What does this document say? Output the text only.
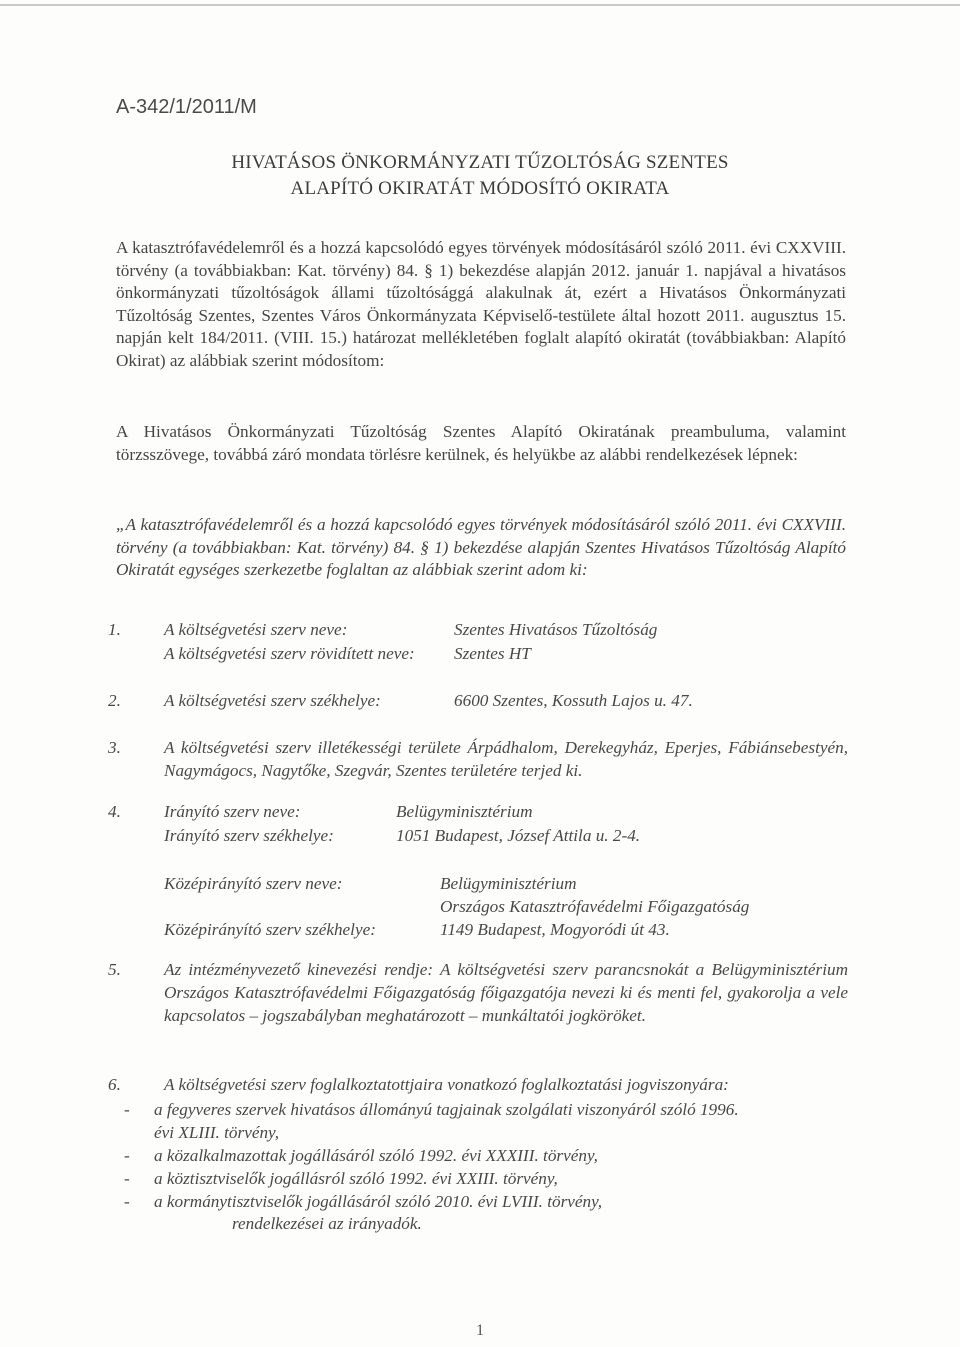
A-342/1/2011/M
HIVATÁSOS ÖNKORMÁNYZATI TŰZOLTÓSÁG SZENTES
ALAPÍTÓ OKIRATÁT MÓDOSÍTÓ OKIRATA
A katasztrófavédelemről és a hozzá kapcsolódó egyes törvények módosításáról szóló 2011. évi CXXVIII. törvény (a továbbiakban: Kat. törvény) 84. § 1) bekezdése alapján 2012. január 1. napjával a hivatásos önkormányzati tűzoltóságok állami tűzoltósággá alakulnak át, ezért a Hivatásos Önkormányzati Tűzoltóság Szentes, Szentes Város Önkormányzata Képviselő-testülete által hozott 2011. augusztus 15. napján kelt 184/2011. (VIII. 15.) határozat mellékletében foglalt alapító okiratát (továbbiakban: Alapító Okirat) az alábbiak szerint módosítom:
A Hivatásos Önkormányzati Tűzoltóság Szentes Alapító Okiratának preambuluma, valamint törzsszövege, továbbá záró mondata törlésre kerülnek, és helyükbe az alábbi rendelkezések lépnek:
„A katasztrófavédelemről és a hozzá kapcsolódó egyes törvények módosításáról szóló 2011. évi CXXVIII. törvény (a továbbiakban: Kat. törvény) 84. § 1) bekezdése alapján Szentes Hivatásos Tűzoltóság Alapító Okiratát egységes szerkezetbe foglaltan az alábbiak szerint adom ki:
1.	A költségvetési szerv neve:	Szentes Hivatásos Tűzoltóság
A költségvetési szerv rövidített neve: Szentes HT
2.	A költségvetési szerv székhelye:	6600 Szentes, Kossuth Lajos u. 47.
3.	A költségvetési szerv illetékességi területe Árpádhalom, Derekegyház, Eperjes, Fábiánsebestyén, Nagymágocs, Nagytőke, Szegvár, Szentes területére terjed ki.
4.	Irányító szerv neve:	Belügyminisztérium
Irányító szerv székhelye:	1051 Budapest, József Attila u. 2-4.
Középirányító szerv neve:	Belügyminisztérium
Országos Katasztrófavédelmi Főigazgatóság
Középirányító szerv székhelye:	1149 Budapest, Mogyoródi út 43.
5.	Az intézményvezető kinevezési rendje: A költségvetési szerv parancsnokát a Belügyminisztérium Országos Katasztrófavédelmi Főigazgatóság főigazgatója nevezi ki és menti fel, gyakorolja a vele kapcsolatos – jogszabályban meghatározott – munkáltatói jogköröket.
6.	A költségvetési szerv foglalkoztatottjaira vonatkozó foglalkoztatási jogviszonyára:
-	a fegyveres szervek hivatásos állományú tagjainak szolgálati viszonyáról szóló 1996. évi XLIII. törvény,
-	a közalkalmazottak jogállásáról szóló 1992. évi XXXIII. törvény,
-	a köztisztviselők jogállásról szóló 1992. évi XXIII. törvény,
-	a kormánytisztviselők jogállásáról szóló 2010. évi LVIII. törvény,
rendelkezései az irányadók.
1
